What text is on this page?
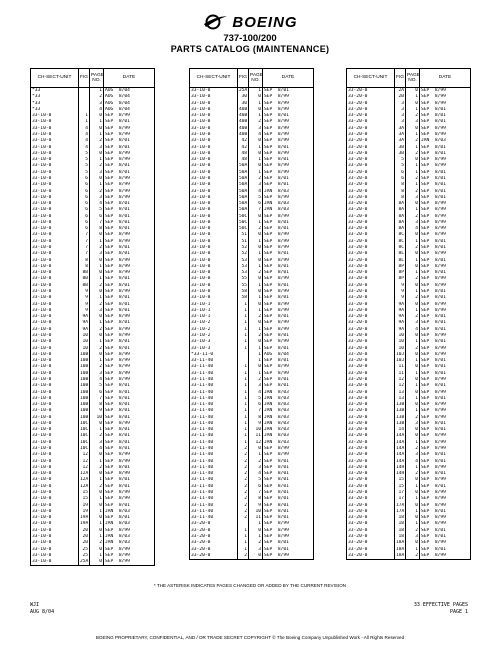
BOEING
737-100/200
PARTS CATALOG (MAINTENANCE)
CH-SECT-UNIT	FIG	PAGE NO.	DATE
*33		1	AUG  8/04
*33		2	AUG  8/04
*33		3	AUG  8/04
*33		4	AUG  8/04
33-10-0	1	0	SEP  8/99
33-10-0	1	1	SEP  8/01
33-10-0	4	0	SEP  8/99
33-10-0	4	1	SEP  8/99
33-10-0	4	2	SEP  8/01
33-10-0	4	3	SEP  8/01
33-10-0	5	0	SEP  8/99
33-10-0	5	1	SEP  8/99
33-10-0	5	2	SEP  8/01
33-10-0	5	3	SEP  8/01
33-10-0	6	0	SEP  8/99
33-10-0	6	1	SEP  8/99
33-10-0	6	2	SEP  8/99
33-10-0	6	3	SEP  8/99
33-10-0	6	4	SEP  8/01
33-10-0	6	5	SEP  8/01
33-10-0	6	6	SEP  8/01
33-10-0	6	7	SEP  8/01
33-10-0	6	8	SEP  8/01
33-10-0	7	0	SEP  8/99
33-10-0	7	1	SEP  8/99
33-10-0	7	2	SEP  8/01
33-10-0	7	3	SEP  8/01
33-10-0	8	0	SEP  8/99
33-10-0	8	1	SEP  8/99
33-10-0	8B	0	SEP  8/99
33-10-0	8B	1	SEP  8/01
33-10-0	8B	2	SEP  8/01
33-10-0	9	0	SEP  8/99
33-10-0	9	1	SEP  8/01
33-10-0	9	2	SEP  8/01
33-10-0	9	3	SEP  8/01
33-10-0	9A	0	SEP  8/99
33-10-0	9A	1	SEP  8/01
33-10-0	9A	2	SEP  8/99
33-10-0	10	0	SEP  8/99
33-10-0	10	1	SEP  8/01
33-10-0	10	2	SEP  8/01
33-10-0	10B	0	SEP  8/99
33-10-0	10B	1	SEP  8/99
33-10-0	10B	2	SEP  8/99
33-10-0	10B	3	SEP  8/99
33-10-0	10B	4	SEP  8/99
33-10-0	10B	5	SEP  8/01
33-10-0	10B	6	SEP  8/01
33-10-0	10B	7	SEP  8/01
33-10-0	10B	8	SEP  8/01
33-10-0	10B	9	SEP  8/01
33-10-0	10B	10	SEP  8/01
33-10-0	10C	0	SEP  8/99
33-10-0	10C	1	SEP  8/01
33-10-0	10C	2	SEP  8/01
33-10-0	10C	3	SEP  8/01
33-10-0	10C	4	SEP  8/01
33-10-0	12	0	SEP  8/99
33-10-0	12	1	SEP  8/99
33-10-0	12	2	SEP  8/01
33-10-0	12A	0	SEP  8/99
33-10-0	12A	1	SEP  8/01
33-10-0	12A	2	SEP  8/01
33-10-0	15	0	SEP  8/99
33-10-0	15	1	SEP  8/99
33-10-0	19	0	SEP  8/01
33-10-0	19	1	JAN  8/03
33-10-0	19A	0	SEP  8/01
33-10-0	19A	1	JAN  8/03
33-10-0	20	0	SEP  8/99
33-10-0	20	1	JAN  8/03
33-10-0	20	2	JAN  8/03
33-10-0	25	0	SEP  8/99
33-10-0	25	1	SEP  8/99
33-10-0	25A	0	SEP  8/99
CH-SECT-UNIT	FIG	PAGE NO.	DATE
33-10-0	25A	1	SEP  8/01
33-10-0	30	0	SEP  8/99
33-10-0	30	1	SEP  8/99
33-10-0	40B	0	SEP  8/99
33-10-0	40B	1	SEP  8/01
33-10-0	40B	2	SEP  8/99
33-10-0	40B	3	SEP  8/99
33-10-0	40B	4	SEP  8/99
33-10-0	42	0	SEP  8/99
33-10-0	42	1	SEP  8/01
33-10-0	48	0	SEP  8/99
33-10-0	48	1	SEP  8/01
33-10-0	50A	0	SEP  8/99
33-10-0	50A	1	SEP  8/99
33-10-0	50A	2	SEP  8/01
33-10-0	50A	3	SEP  8/01
33-10-0	50A	4	JAN  8/03
33-10-0	50A	5	SEP  8/99
33-10-0	50A	6	JAN  8/03
33-10-0	50A	7	JAN  8/03
33-10-0	50C	0	SEP  8/99
33-10-0	50C	1	SEP  8/01
33-10-0	50C	2	SEP  8/01
33-10-0	51	0	SEP  8/99
33-10-0	51	1	SEP  8/99
33-10-0	52	0	SEP  8/99
33-10-0	52	1	SEP  8/01
33-10-0	53	0	SEP  8/99
33-10-0	53	1	SEP  8/01
33-10-0	53	2	SEP  8/01
33-10-0	55	0	SEP  8/99
33-10-0	55	1	SEP  8/01
33-10-0	58	0	SEP  8/99
33-10-0	58	1	SEP  8/01
33-10-1	1	0	SEP  8/99
33-10-1	1	1	SEP  8/99
33-10-1	1	2	SEP  8/01
33-10-2	1	0	SEP  8/99
33-10-2	1	1	SEP  8/99
33-10-2	1	2	SEP  8/01
33-10-3	1	0	SEP  8/99
33-10-3	1	1	SEP  8/01
*33-11-0		1	AUG  8/04
33-11-40		1	SEP  8/01
33-11-40	1	0	SEP  8/99
33-11-40	1	1	SEP  8/99
33-11-40	1	2	SEP  8/01
33-11-40	1	3	SEP  8/01
33-11-40	1	4	JAN  8/03
33-11-40	1	5	JAN  8/03
33-11-40	1	6	JAN  8/03
33-11-40	1	7	JAN  8/03
33-11-40	1	8	JAN  8/03
33-11-40	1	9	JAN  8/03
33-11-40	1	10	JAN  8/03
33-11-40	1	11	JAN  8/03
33-11-40	1	12	JAN  8/03
33-11-40	2	0	SEP  8/99
33-11-40	2	1	SEP  8/99
33-11-40	2	2	SEP  8/01
33-11-40	2	3	SEP  8/01
33-11-40	2	4	SEP  8/01
33-11-40	2	5	SEP  8/01
33-11-40	2	6	SEP  8/01
33-11-40	2	7	SEP  8/01
33-11-40	2	8	SEP  8/01
33-11-40	2	9	SEP  8/01
33-11-40	2	10	SEP  8/01
33-11-40	2	11	SEP  8/01
33-20-0		1	SEP  8/99
33-20-0	1	0	SEP  8/99
33-20-0	1	1	SEP  8/99
33-20-0	1	2	SEP  8/01
33-20-0	1	3	SEP  8/01
33-20-0	2	0	SEP  8/99
CH-SECT-UNIT	FIG	PAGE NO.	DATE
33-20-0	2A	0	SEP  8/99
33-20-0	2B	1	SEP  8/99
33-20-0	3	0	SEP  8/99
33-20-0	3	1	SEP  8/01
33-20-0	3	2	SEP  8/01
33-20-0	3	3	SEP  8/01
33-20-0	3A	0	SEP  8/99
33-20-0	3A	1	SEP  8/99
33-20-0	3A	2	JAN  8/03
33-20-0	3B	1	SEP  8/01
33-20-0	3B	2	SEP  8/01
33-20-0	5	0	SEP  8/99
33-20-0	5	1	SEP  8/99
33-20-0	6	1	SEP  8/01
33-20-0	6	2	SEP  8/01
33-20-0	8	1	SEP  8/01
33-20-0	8	2	SEP  8/01
33-20-0	8	3	SEP  8/01
33-20-0	8A	0	SEP  8/99
33-20-0	8A	1	SEP  8/99
33-20-0	8A	2	SEP  8/99
33-20-0	8A	3	SEP  8/99
33-20-0	8A	4	SEP  8/99
33-20-0	8C	0	SEP  8/99
33-20-0	8C	1	SEP  8/01
33-20-0	8C	2	SEP  8/01
33-20-0	8L	0	SEP  8/99
33-20-0	8L	1	SEP  8/01
33-20-0	8P	0	SEP  8/99
33-20-0	8P	1	SEP  8/01
33-20-0	8P	2	SEP  8/99
33-20-0	9	0	SEP  8/99
33-20-0	9	1	SEP  8/01
33-20-0	9	2	SEP  8/01
33-20-0	9A	0	SEP  8/99
33-20-0	9A	1	SEP  8/99
33-20-0	9A	2	SEP  8/01
33-20-0	9A	3	SEP  8/01
33-20-0	9A	4	SEP  8/01
33-20-0	10	0	SEP  8/99
33-20-0	10	1	SEP  8/01
33-20-0	10	2	SEP  8/99
33-20-0	10J	0	SEP  8/99
33-20-0	10J	1	SEP  8/01
33-20-0	11	0	SEP  8/01
33-20-0	11	1	SEP  8/01
33-20-0	12	0	SEP  8/99
33-20-0	12	1	SEP  8/01
33-20-0	13	0	SEP  8/99
33-20-0	13	1	SEP  8/01
33-20-0	13B	0	SEP  8/99
33-20-0	13B	1	SEP  8/99
33-20-0	13B	2	SEP  8/99
33-20-0	13B	3	SEP  8/01
33-20-0	14	0	SEP  8/01
33-20-0	14A	0	SEP  8/99
33-20-0	14A	1	SEP  8/99
33-20-0	14A	2	SEP  8/99
33-20-0	14A	3	SEP  8/01
33-20-0	14A	4	SEP  8/01
33-20-0	14H	1	SEP  8/99
33-20-0	14H	2	SEP  8/01
33-20-0	15	0	SEP  8/99
33-20-0	15	1	SEP  8/01
33-20-0	17	0	SEP  8/99
33-20-0	17	1	SEP  8/99
33-20-0	17A	0	SEP  8/99
33-20-0	17A	1	SEP  8/01
33-20-0	18	0	SEP  8/99
33-20-0	18	1	SEP  8/99
33-20-0	18	2	SEP  8/01
33-20-0	18	3	SEP  8/01
33-20-0	18A	0	SEP  8/99
33-20-0	18A	1	SEP  8/01
33-20-0	18A	2	SEP  8/99
* THE ASTERISK INDICATES PAGES CHANGED OR ADDED BY THE CURRENT REVISION
WJI
AUG 8/04
33 EFFECTIVE PAGES
PAGE 1
BOEING PROPRIETARY, CONFIDENTIAL, AND / OR TRADE SECRET COPYRIGHT © The Boeing Company Unpublished Work - All Rights Reserved
